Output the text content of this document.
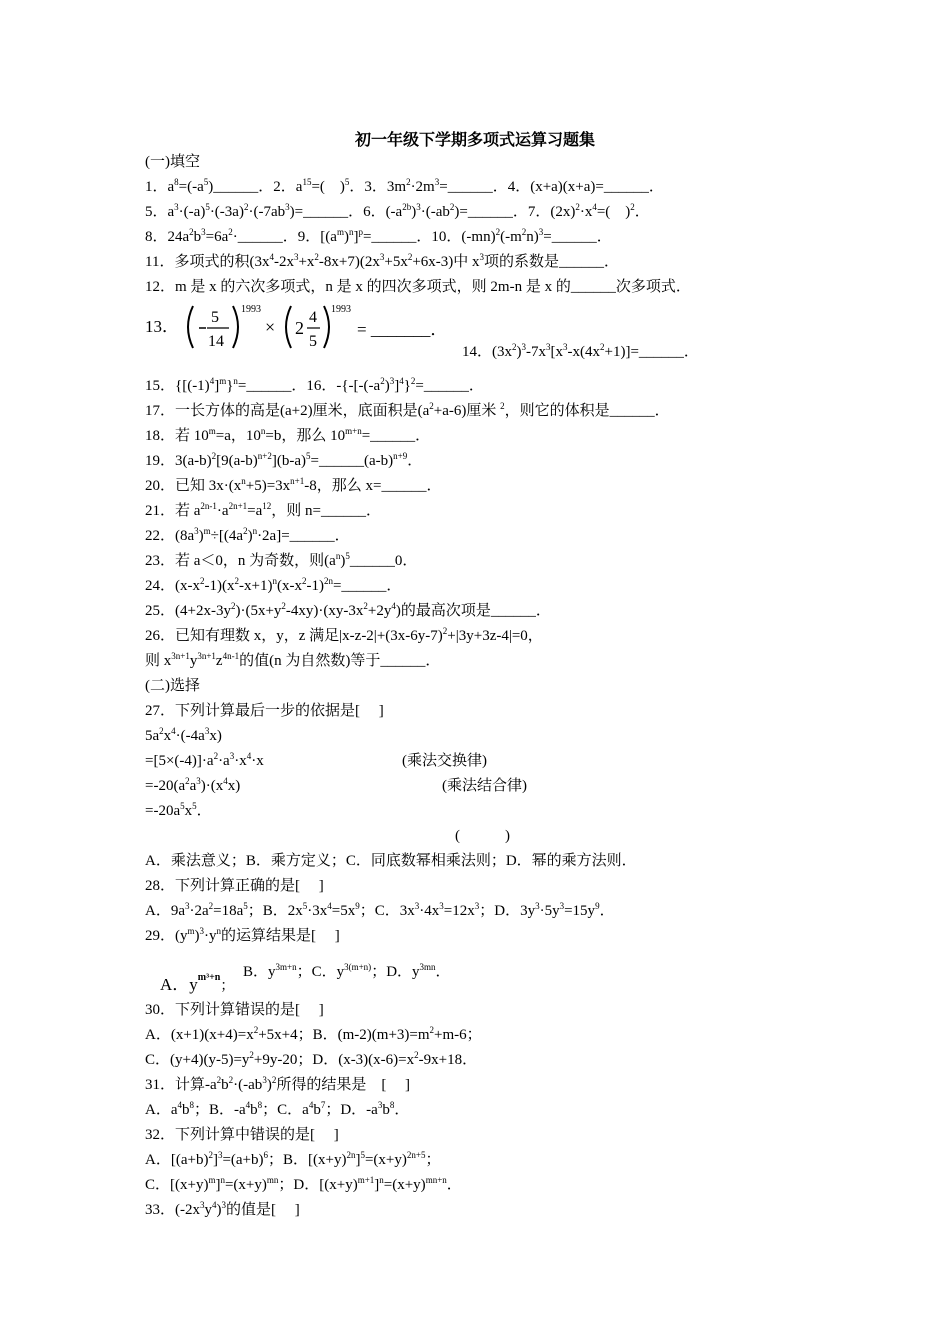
初一年级下学期多项式运算习题集
(一)填空
1．$a^8=(-a^5)\_\_\_\_\_\_$．2．$a^{15}=$(　)$^5$．3．$3m^2\cdot 2m^3=\_\_\_\_\_\_$．4．(x+a)(x+a)=______．
5．$a^3\cdot(-a)^5\cdot(-3a)^2\cdot(-7ab^3)=\_\_\_\_\_\_$．6．$(-a^{2b})^3\cdot(-ab^2)=\_\_\_\_\_\_$．7．$(2x)^2\cdot x^4=$(　)$^2$．
8．$24a^2b^3=6a^2\cdot\_\_\_\_\_\_$．9．$[(a^m)^n]^p=\_\_\_\_\_\_$．10．$(-mn)^2(-m^2n)^3=\_\_\_\_\_\_$．
11．多项式的积$(3x^4-2x^3+x^2-8x+7)(2x^3+5x^2+6x-3)$中 $x^3$项的系数是______．
12．m 是 x 的六次多项式，n 是 x 的四次多项式，则 2m-n 是 x 的______次多项式．
13． 5
14
1993
× 2
4
5
1993
= _______．
14．$(3x^2)^3-7x^3[x^3-x(4x^2+1)]=\_\_\_\_\_\_$．
15．$\{[(-1)^4]^m\}^n=\_\_\_\_\_\_$．16．$-\{-[-(-a^2)^3]^4\}^2=\_\_\_\_\_\_$．
17．一长方体的高是(a+2)厘米，底面积是$(a^2+a-6)$厘米 $^2$，则它的体积是______．
18．若 $10^m=a$，$10^n=b$，那么 $10^{m+n}=\_\_\_\_\_\_$．
19．$3(a-b)^2[9(a-b)^{n+2}](b-a)^5=\_\_\_\_\_\_(a-b)^{n+9}$．
20．已知 $3x\cdot(x^n+5)=3x^{n+1}-8$，那么 x=______．
21．若 $a^{2n-1}\cdot a^{2n+1}=a^{12}$，则 n=______．
22．$(8a^3)^m\div[(4a^2)^n\cdot 2a]=\_\_\_\_\_\_$．
23．若 a＜0，n 为奇数，则$(a^n)^5\_\_\_\_\_\_0$．
24．$(x-x^2-1)(x^2-x+1)^n(x-x^2-1)^{2n}=\_\_\_\_\_\_$．
25．$(4+2x-3y^2)\cdot(5x+y^2-4xy)\cdot(xy-3x^2+2y^4)$的最高次项是______．
26．已知有理数 x，y，z 满足$|x-z-2|+(3x-6y-7)^2+|3y+3z-4|=0$，
则 $x^{3n+1}y^{3n+1}z^{4n-1}$的值(n 为自然数)等于______．
(二)选择
27．下列计算最后一步的依据是[　 ]
$5a^2x^4\cdot(-4a^3x)$
$=[5\times(-4)]\cdot a^2\cdot a^3\cdot x^4\cdot x$	(乘法交换律)
$=-20(a^2a^3)\cdot(x^4x)$	(乘法结合律)
$=-20a^5x^5$．
(　　　)
A．乘法意义；B．乘方定义；C．同底数幂相乘法则；D．幂的乘方法则．
28．下列计算正确的是[　 ]
A．$9a^3\cdot 2a^2=18a^5$；B．$2x^5\cdot 3x^4=5x^9$；C．$3x^3\cdot 4x^3=12x^3$；D．$3y^3\cdot 5y^3=15y^9$．
29．$(y^m)^3\cdot y^n$的运算结果是[　 ]

A．$y^{m^3+n}$；

B．$y^{3m+n}$；C．$y^{3(m+n)}$；D．$y^{3mn}$．
30．下列计算错误的是[　 ]
A．$(x+1)(x+4)=x^2+5x+4$；B．$(m-2)(m+3)=m^2+m-6$；
C．$(y+4)(y-5)=y^2+9y-20$；D．$(x-3)(x-6)=x^2-9x+18$．
31．计算$-a^2b^2\cdot(-ab^3)^2$所得的结果是　[　 ]
A．$a^4b^8$；B．$-a^4b^8$；C．$a^4b^7$；D．$-a^3b^8$．
32．下列计算中错误的是[　 ]
A．$[(a+b)^2]^3=(a+b)^6$；B．$[(x+y)^{2n}]^5=(x+y)^{2n+5}$；
C．$[(x+y)^m]^n=(x+y)^{mn}$；D．$[(x+y)^{m+1}]^n=(x+y)^{mn+n}$．
33．$(-2x^3y^4)^3$的值是[　 ]
